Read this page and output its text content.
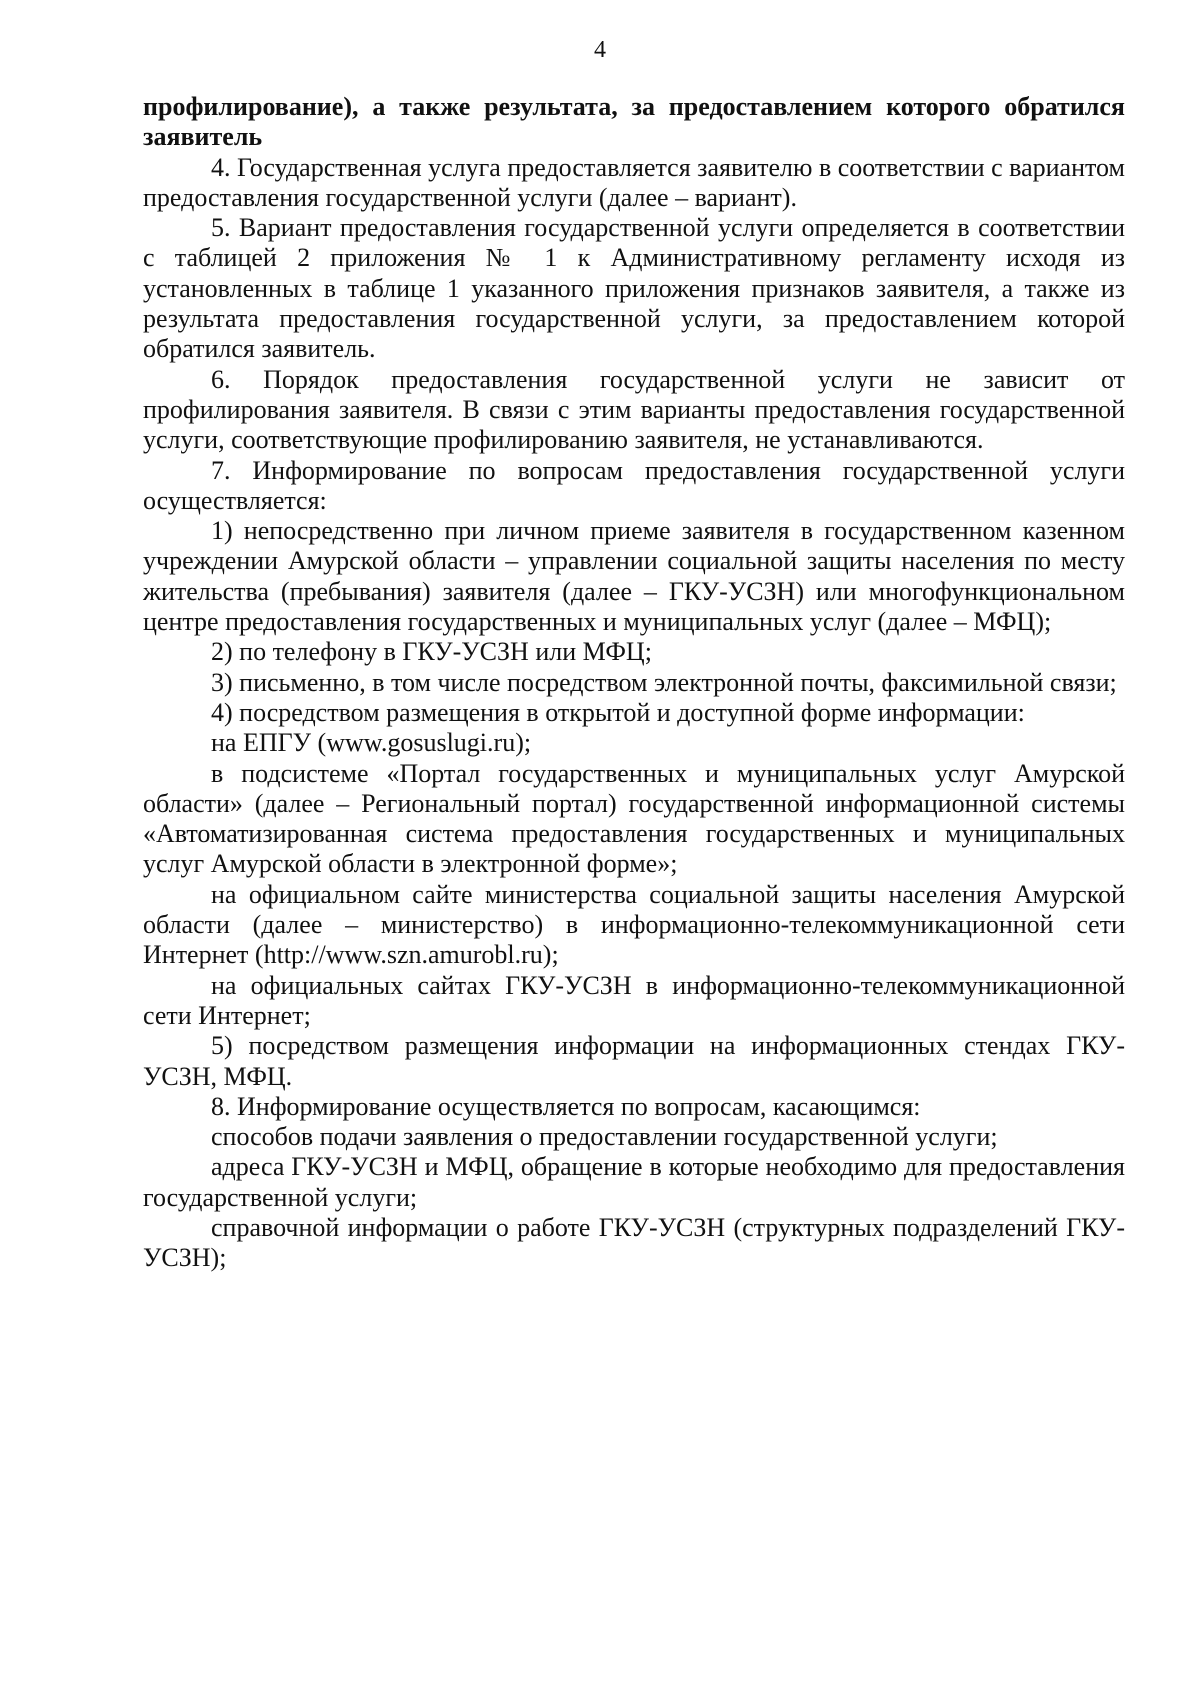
4

профилирование), а также результата, за предоставлением которого обратился заявитель

4. Государственная услуга предоставляется заявителю в соответствии с вариантом предоставления государственной услуги (далее – вариант).

5. Вариант предоставления государственной услуги определяется в соответствии с таблицей 2 приложения № 1 к Административному регламенту исходя из установленных в таблице 1 указанного приложения признаков заявителя, а также из результата предоставления государственной услуги, за предоставлением которой обратился заявитель.

6. Порядок предоставления государственной услуги не зависит от профилирования заявителя. В связи с этим варианты предоставления государственной услуги, соответствующие профилированию заявителя, не устанавливаются.

7. Информирование по вопросам предоставления государственной услуги осуществляется:

1) непосредственно при личном приеме заявителя в государственном казенном учреждении Амурской области – управлении социальной защиты населения по месту жительства (пребывания) заявителя (далее – ГКУ-УСЗН) или многофункциональном центре предоставления государственных и муниципальных услуг (далее – МФЦ);

2) по телефону в ГКУ-УСЗН или МФЦ;

3) письменно, в том числе посредством электронной почты, факсимильной связи;

4) посредством размещения в открытой и доступной форме информации:

на ЕПГУ (www.gosuslugi.ru);

в подсистеме «Портал государственных и муниципальных услуг Амурской области» (далее – Региональный портал) государственной информационной системы «Автоматизированная система предоставления государственных и муниципальных услуг Амурской области в электронной форме»;

на официальном сайте министерства социальной защиты населения Амурской области (далее – министерство) в информационно-телекоммуникационной сети Интернет (http://www.szn.amurobl.ru);

на официальных сайтах ГКУ-УСЗН в информационно-телекоммуникационной сети Интернет;

5) посредством размещения информации на информационных стендах ГКУ-УСЗН, МФЦ.

8. Информирование осуществляется по вопросам, касающимся:

способов подачи заявления о предоставлении государственной услуги;

адреса ГКУ-УСЗН и МФЦ, обращение в которые необходимо для предоставления государственной услуги;

справочной информации о работе ГКУ-УСЗН (структурных подразделений ГКУ-УСЗН);
